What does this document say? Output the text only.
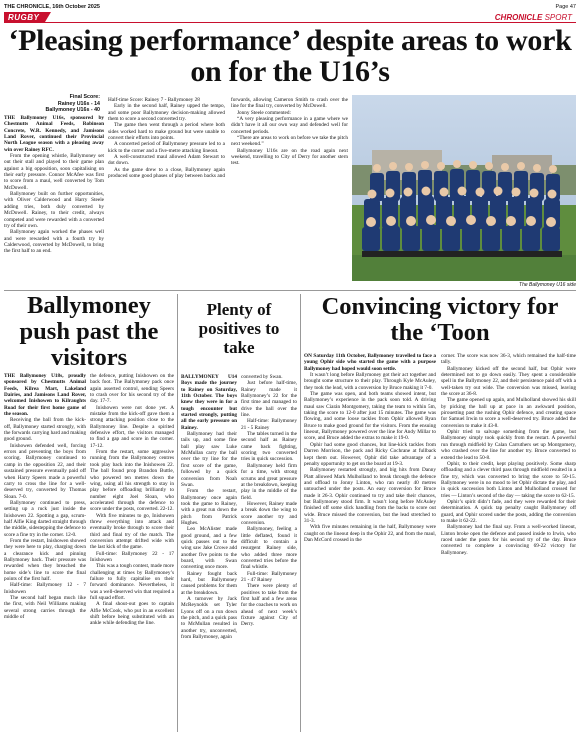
THE CHRONICLE, 16th October 2025	Page 47
RUGBY	CHRONICLE SPORT
‘Pleasing performance’ despite areas to work on for the U16’s
Final Score:
Rainey U16s - 14
Ballymoney U16s - 40

THE Ballymoney U16s, sponsored by Chestnutts Animal Feeds, Robinson Concrete, W.R. Kennedy, and Jamisons Land Rover, continued their Provincial North League season with a pleasing away win over Rainey RFC.

From the opening whistle, Ballymoney set out their stall and played to their game plan against a big opposition, soon capitalising on their early pressure. Connor McAfee was first to score from a maul, well converted by Tom McDowell.

Ballymoney built on further opportunities, with Oliver Calderwood and Harry Steele adding tries, both duly converted by McDowell. Rainey, to their credit, always competed and were rewarded with a converted try of their own.

Ballymoney again worked the phases well and were rewarded with a fourth try by Calderwood, converted by McDowell, to bring the first half to an end.

Half-time Score: Rainey 7 - Ballymoney 28

Early in the second half, Rainey upped the tempo, and some poor Ballymoney decision-making allowed them to score a second converted try.

The game then went through a period where both sides worked hard to make ground but were unable to convert their efforts into points.

A concerted period of Ballymoney pressure led to a kick to the corner and a five-metre attacking lineout.

A well-constructed maul allowed Adam Stewart to dot down.

As the game drew to a close, Ballymoney again produced some good phases of play between backs and forwards, allowing Cameron Smith to crash over the line for the final try, converted by McDowell.

Jonny Steele commented:

“A very pleasing performance in a game where we didn’t have it all our own way and defended well for concerted periods.

“There are areas to work on before we take the pitch next weekend.”

Ballymoney U16s are on the road again next weekend, travelling to City of Derry for another stern test.

The Ballymoney U16 side
Ballymoney push past the visitors

THE Ballymoney U18s, proudly sponsored by Chestnutts Animal Feeds, Kilrea Mart, Lakeland Dairies, and Jamisons Land Rover, welcomed Inishowen to Kilraughts Road for their first home game of the season.

Receiving the ball from the kick-off, Ballymoney started strongly, with the forwards carrying hard and making good ground.

Inishowen defended well, forcing errors and preventing the boys from scoring. Ballymoney continued to camp in the opposition 22, and their sustained pressure eventually paid off when Harry Speers made a powerful carry to cross the line for a well-deserved try, converted by Thomas Sloan. 7-0.

Ballymoney continued to press, setting up a ruck just inside the Inishowen 22. Spotting a gap, scrum-half Alfie King darted straight through the middle, sidestepping the defence to score a fine try in the corner. 12-0.

From the restart, Inishowen showed they were here to play, charging down a clearance kick and pinning Ballymoney back. Their pressure was rewarded when they breached the home side’s line to score the final points of the first half.

Half-time: Ballymoney 12 - 7 Inishowen

The second half began much like the first, with Neil Williams making several strong carries through the middle of

the defence, putting Inishowen on the back foot. The Ballymoney pack once again asserted control, sending Speers to crash over for his second try of the day. 17-7.

Inishowen were not done yet. A mistake from the kick-off gave them a strong attacking position close to the Ballymoney line. Despite a spirited defensive effort, the visitors managed to find a gap and score in the corner. 17-12.

From the restart, some aggressive running from the Ballymoney centres took play back into the Inishowen 22. The ball found prop Brandon Buttle, who powered ten metres down the wing, using all his strength to stay in play before offloading brilliantly to number eight Joel Sloan, who accelerated through the defence to score under the posts, converted. 22-12.

With five minutes to go, Inishowen threw everything into attack and eventually broke through to score their third and final try of the match. The conversion attempt drifted wide with the last kick of the game.

Full-time: Ballymoney 22 - 17 Inishowen

This was a tough contest, made more challenging at times by Ballymoney’s failure to fully capitalise on their forward dominance. Nevertheless, it was a well-deserved win that required a full squad effort.

A final shout-out goes to captain Alfie McCook, who put in an excellent shift before being substituted with an ankle while defending the line.

Plenty of positives to take

BALLYMONEY U14 Boys made the journey to Rainey on Saturday, 11th October. The boys knew they were in for a tough encounter but started strongly, putting all the early pressure on Rainey.

Ballymoney had their tails up, and some fine ball play saw Luke McMullan carry the ball over the try line for the first score of the game, followed by a quick conversion from Noah Swan.

From the restart, Ballymoney once again took the game to Rainey, with a great run down the pitch from Patrick Hughes.

Leo McAlister made good ground, and a few quick passes out to the wing saw Jake Crowe add another five points to the board, with Swan converting once more.

Rainey fought back hard, but Ballymoney caused problems for them at the breakdown.

A turnover by Jack McReynolds set Tyler Lyons off on a run down the pitch, and a quick pass to McMullan resulted in another try, unconverted, from Ballymoney, again

converted by Swan.

Just before half-time, Rainey made it Ballymoney’s 22 for the first time and managed to drive the ball over the line.

Half-time: Ballymoney 21 - 5 Rainey

The tables turned in the second half as Rainey came back fighting, scoring two converted tries in quick succession.

Ballymoney held firm for a time, with strong scrums and great pressure at the breakdown, keeping play in the middle of the field.

However, Rainey made a break down the wing to score another try and conversion.

Ballymoney, feeling a little deflated, found it difficult to contain a resurgent Rainey side, who added three more converted tries before the final whistle.

Full-time: Ballymoney 21 - 47 Rainey

There were plenty of positives to take from the first half and a few areas for the coaches to work on ahead of next week’s fixture against City of Derry.

Convincing victory for the ‘Toon

ON Saturday 11th October, Ballymoney travelled to face a young Ophir side who started the game with a purpose Ballymoney had hoped would soon settle.

It wasn’t long before Ballymoney got their act together and brought some structure to their play. Through Kyle McAuley, they took the lead, with a conversion by Bruce making it 7-0.

The game was open, and both teams showed intent, but Ballymoney’s experience in the pack soon told. A driving maul saw Ciarán Montgomery, taking the team to within 5m, taking the score to 12-0 after just 15 minutes. The game was flowing, and some loose tackles from Ophir allowed Ryan Bruce to make good ground for the visitors. From the ensuing lineout, Ballymoney powered over the line for Andy Millar to score, and Bruce added the extras to make it 19-0.

Ophir had some good chances, but line-kick tackles from Darren Morrison, the pack and Ricky Cochrane at fullback kept them out. However, Ophir did take advantage of a penalty opportunity to get on the board at 19-3.

Ballymoney restarted strongly, and big hits from Danny Platt allowed Mark Mulholland to break through the defence and offload to Jonny Linton, who ran nearly 40 metres untouched under the posts. An easy conversion for Bruce made it 26-3. Ophir continued to try and take their chances, but Ballymoney stood firm. It wasn’t long before McAuley finished off some slick handling from the backs to score out wide. Bruce missed the conversion, but the lead stretched to 31-3.

With five minutes remaining in the half, Ballymoney were caught on the lineout deep in the Ophir 22, and from the maul, Dan McCord crossed in the

corner. The score was now 36-3, which remained the half-time tally.

Ballymoney kicked off the second half, but Ophir were determined not to go down easily. They spent a considerable spell in the Ballymoney 22, and their persistence paid off with a well-taken try out wide. The conversion was missed, leaving the score at 36-8.

The game opened up again, and Mulholland showed his skill by picking the ball up at pace in an awkward position, pirouetting past the rushing Ophir defence, and creating space for Samuel Irwin to score a well-deserved try. Bruce added the conversion to make it 43-8.

Ophir tried to salvage something from the game, but Ballymoney simply took quickly from the restart. A powerful run through midfield by Calan Carruthers set up Montgomery, who crashed over the line for another try. Bruce converted to extend the lead to 50-8.

Ophir, to their credit, kept playing positively. Some sharp offloading and a clever third pass through midfield resulted in a fine try, which was converted to bring the score to 50-15. Ballymoney were in no mood to let Ophir dictate the play, and in quick succession both Linton and Mulholland crossed for tries — Linton’s second of the day — taking the score to 62-15.

Ophir’s spirit didn’t fade, and they were rewarded for their determination. A quick tap penalty caught Ballymoney off guard, and Ophir scored under the posts, adding the conversion to make it 62-22.

Ballymoney had the final say. From a well-worked lineout, Linton broke open the defence and passed inside to Irwin, who raced under the posts for his second try of the day. Bruce converted to complete a convincing 69-22 victory for Ballymoney.
